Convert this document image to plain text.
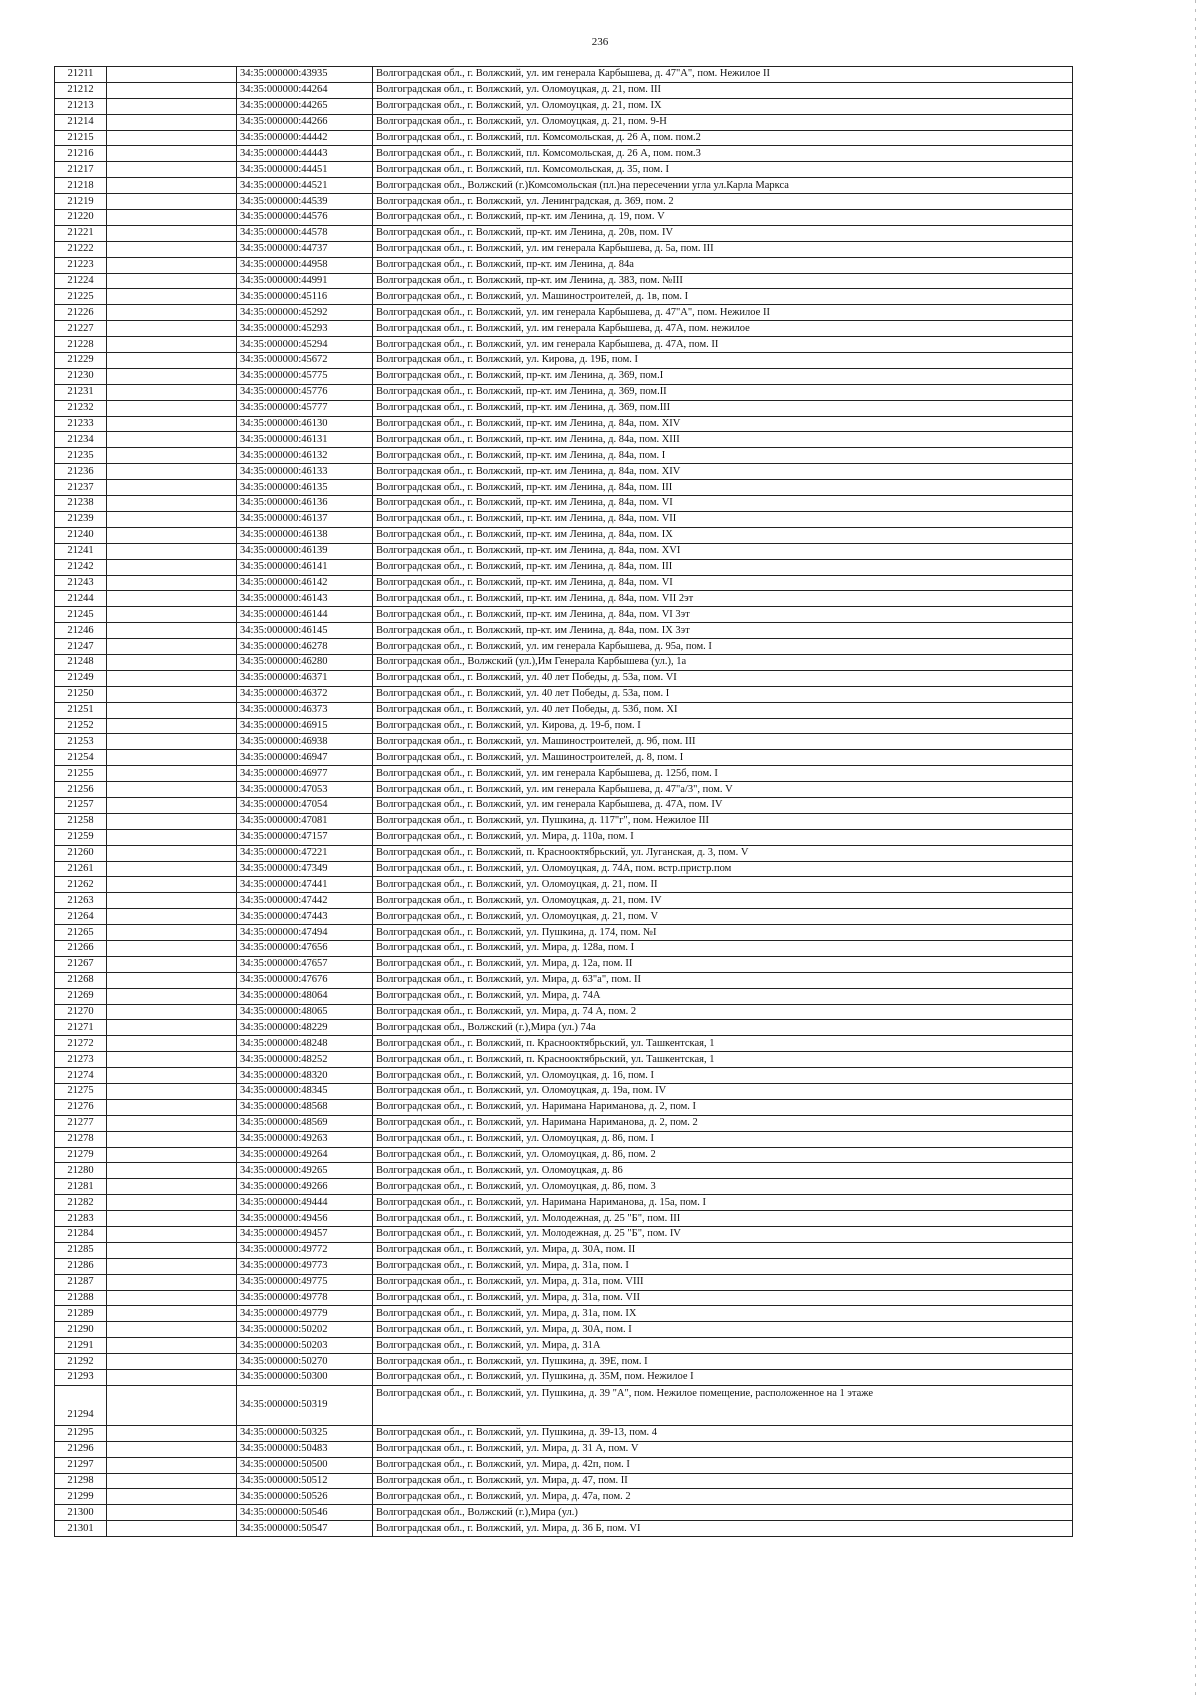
236
21211		34:35:000000:43935	Волгоградская обл., г. Волжский, ул. им генерала Карбышева, д. 47"А", пом. Нежилое II
21212		34:35:000000:44264	Волгоградская обл., г. Волжский, ул. Оломоуцкая, д. 21, пом. III
21213		34:35:000000:44265	Волгоградская обл., г. Волжский, ул. Оломоуцкая, д. 21, пом. IX
21214		34:35:000000:44266	Волгоградская обл., г. Волжский, ул. Оломоуцкая, д. 21, пом. 9-Н
21215		34:35:000000:44442	Волгоградская обл., г. Волжский, пл. Комсомольская, д. 26 А, пом. пом.2
21216		34:35:000000:44443	Волгоградская обл., г. Волжский, пл. Комсомольская, д. 26 А, пом. пом.3
21217		34:35:000000:44451	Волгоградская обл., г. Волжский, пл. Комсомольская, д. 35, пом. I
21218		34:35:000000:44521	Волгоградская обл., Волжский (г.)Комсомольская (пл.)на пересечении угла ул.Карла Маркса
21219		34:35:000000:44539	Волгоградская обл., г. Волжский, ул. Ленинградская, д. 369, пом. 2
21220		34:35:000000:44576	Волгоградская обл., г. Волжский, пр-кт. им Ленина, д. 19, пом. V
21221		34:35:000000:44578	Волгоградская обл., г. Волжский, пр-кт. им Ленина, д. 20в, пом. IV
21222		34:35:000000:44737	Волгоградская обл., г. Волжский, ул. им генерала Карбышева, д. 5а, пом. III
21223		34:35:000000:44958	Волгоградская обл., г. Волжский, пр-кт. им Ленина, д. 84а
21224		34:35:000000:44991	Волгоградская обл., г. Волжский, пр-кт. им Ленина, д. 383, пом. №III
21225		34:35:000000:45116	Волгоградская обл., г. Волжский, ул. Машиностроителей, д. 1в, пом. I
21226		34:35:000000:45292	Волгоградская обл., г. Волжский, ул. им генерала Карбышева, д. 47"А", пом. Нежилое II
21227		34:35:000000:45293	Волгоградская обл., г. Волжский, ул. им генерала Карбышева, д. 47А, пом. нежилое
21228		34:35:000000:45294	Волгоградская обл., г. Волжский, ул. им генерала Карбышева, д. 47А, пом. II
21229		34:35:000000:45672	Волгоградская обл., г. Волжский, ул. Кирова, д. 19Б, пом. I
21230		34:35:000000:45775	Волгоградская обл., г. Волжский, пр-кт. им Ленина, д. 369, пом.I
21231		34:35:000000:45776	Волгоградская обл., г. Волжский, пр-кт. им Ленина, д. 369, пом.II
21232		34:35:000000:45777	Волгоградская обл., г. Волжский, пр-кт. им Ленина, д. 369, пом.III
21233		34:35:000000:46130	Волгоградская обл., г. Волжский, пр-кт. им Ленина, д. 84а, пом. XIV
21234		34:35:000000:46131	Волгоградская обл., г. Волжский, пр-кт. им Ленина, д. 84а, пом. XIII
21235		34:35:000000:46132	Волгоградская обл., г. Волжский, пр-кт. им Ленина, д. 84а, пом. I
21236		34:35:000000:46133	Волгоградская обл., г. Волжский, пр-кт. им Ленина, д. 84а, пом. XIV
21237		34:35:000000:46135	Волгоградская обл., г. Волжский, пр-кт. им Ленина, д. 84а, пом. III
21238		34:35:000000:46136	Волгоградская обл., г. Волжский, пр-кт. им Ленина, д. 84а, пом. VI
21239		34:35:000000:46137	Волгоградская обл., г. Волжский, пр-кт. им Ленина, д. 84а, пом. VII
21240		34:35:000000:46138	Волгоградская обл., г. Волжский, пр-кт. им Ленина, д. 84а, пом. IX
21241		34:35:000000:46139	Волгоградская обл., г. Волжский, пр-кт. им Ленина, д. 84а, пом. XVI
21242		34:35:000000:46141	Волгоградская обл., г. Волжский, пр-кт. им Ленина, д. 84а, пом. III
21243		34:35:000000:46142	Волгоградская обл., г. Волжский, пр-кт. им Ленина, д. 84а, пом. VI
21244		34:35:000000:46143	Волгоградская обл., г. Волжский, пр-кт. им Ленина, д. 84а, пом. VII 2эт
21245		34:35:000000:46144	Волгоградская обл., г. Волжский, пр-кт. им Ленина, д. 84а, пом. VI 3эт
21246		34:35:000000:46145	Волгоградская обл., г. Волжский, пр-кт. им Ленина, д. 84а, пом. IX 3эт
21247		34:35:000000:46278	Волгоградская обл., г. Волжский, ул. им генерала Карбышева, д. 95а, пом. I
21248		34:35:000000:46280	Волгоградская обл., Волжский (ул.),Им Генерала Карбышева (ул.), 1а
21249		34:35:000000:46371	Волгоградская обл., г. Волжский, ул. 40 лет Победы, д. 53а, пом. VI
21250		34:35:000000:46372	Волгоградская обл., г. Волжский, ул. 40 лет Победы, д. 53а, пом. I
21251		34:35:000000:46373	Волгоградская обл., г. Волжский, ул. 40 лет Победы, д. 53б, пом. XI
21252		34:35:000000:46915	Волгоградская обл., г. Волжский, ул. Кирова, д. 19-б, пом. I
21253		34:35:000000:46938	Волгоградская обл., г. Волжский, ул. Машиностроителей, д. 9б, пом. III
21254		34:35:000000:46947	Волгоградская обл., г. Волжский, ул. Машиностроителей, д. 8, пом. I
21255		34:35:000000:46977	Волгоградская обл., г. Волжский, ул. им генерала Карбышева, д. 125б, пом. I
21256		34:35:000000:47053	Волгоградская обл., г. Волжский, ул. им генерала Карбышева, д. 47"а/3", пом. V
21257		34:35:000000:47054	Волгоградская обл., г. Волжский, ул. им генерала Карбышева, д. 47А, пом. IV
21258		34:35:000000:47081	Волгоградская обл., г. Волжский, ул. Пушкина, д. 117"г", пом. Нежилое III
21259		34:35:000000:47157	Волгоградская обл., г. Волжский, ул. Мира, д. 110а, пом. I
21260		34:35:000000:47221	Волгоградская обл., г. Волжский, п. Краснооктябрьский, ул. Луганская, д. 3, пом. V
21261		34:35:000000:47349	Волгоградская обл., г. Волжский, ул. Оломоуцкая, д. 74А, пом. встр.пристр.пом
21262		34:35:000000:47441	Волгоградская обл., г. Волжский, ул. Оломоуцкая, д. 21, пом. II
21263		34:35:000000:47442	Волгоградская обл., г. Волжский, ул. Оломоуцкая, д. 21, пом. IV
21264		34:35:000000:47443	Волгоградская обл., г. Волжский, ул. Оломоуцкая, д. 21, пом. V
21265		34:35:000000:47494	Волгоградская обл., г. Волжский, ул. Пушкина, д. 174, пом. №I
21266		34:35:000000:47656	Волгоградская обл., г. Волжский, ул. Мира, д. 128а, пом. I
21267		34:35:000000:47657	Волгоградская обл., г. Волжский, ул. Мира, д. 12а, пом. II
21268		34:35:000000:47676	Волгоградская обл., г. Волжский, ул. Мира, д. 63"а", пом. II
21269		34:35:000000:48064	Волгоградская обл., г. Волжский, ул. Мира, д. 74А
21270		34:35:000000:48065	Волгоградская обл., г. Волжский, ул. Мира, д. 74 А, пом. 2
21271		34:35:000000:48229	Волгоградская обл., Волжский (г.),Мира (ул.) 74а
21272		34:35:000000:48248	Волгоградская обл., г. Волжский, п. Краснооктябрьский, ул. Ташкентская, 1
21273		34:35:000000:48252	Волгоградская обл., г. Волжский, п. Краснооктябрьский, ул. Ташкентская, 1
21274		34:35:000000:48320	Волгоградская обл., г. Волжский, ул. Оломоуцкая, д. 16, пом. I
21275		34:35:000000:48345	Волгоградская обл., г. Волжский, ул. Оломоуцкая, д. 19а, пом. IV
21276		34:35:000000:48568	Волгоградская обл., г. Волжский, ул. Наримана Нариманова, д. 2, пом. I
21277		34:35:000000:48569	Волгоградская обл., г. Волжский, ул. Наримана Нариманова, д. 2, пом. 2
21278		34:35:000000:49263	Волгоградская обл., г. Волжский, ул. Оломоуцкая, д. 86, пом. I
21279		34:35:000000:49264	Волгоградская обл., г. Волжский, ул. Оломоуцкая, д. 86, пом. 2
21280		34:35:000000:49265	Волгоградская обл., г. Волжский, ул. Оломоуцкая, д. 86
21281		34:35:000000:49266	Волгоградская обл., г. Волжский, ул. Оломоуцкая, д. 86, пом. 3
21282		34:35:000000:49444	Волгоградская обл., г. Волжский, ул. Наримана Нариманова, д. 15а, пом. I
21283		34:35:000000:49456	Волгоградская обл., г. Волжский, ул. Молодежная, д. 25 "Б", пом. III
21284		34:35:000000:49457	Волгоградская обл., г. Волжский, ул. Молодежная, д. 25 "Б", пом. IV
21285		34:35:000000:49772	Волгоградская обл., г. Волжский, ул. Мира, д. 30А, пом. II
21286		34:35:000000:49773	Волгоградская обл., г. Волжский, ул. Мира, д. 31а, пом. I
21287		34:35:000000:49775	Волгоградская обл., г. Волжский, ул. Мира, д. 31а, пом. VIII
21288		34:35:000000:49778	Волгоградская обл., г. Волжский, ул. Мира, д. 31а, пом. VII
21289		34:35:000000:49779	Волгоградская обл., г. Волжский, ул. Мира, д. 31а, пом. IX
21290		34:35:000000:50202	Волгоградская обл., г. Волжский, ул. Мира, д. 30А, пом. I
21291		34:35:000000:50203	Волгоградская обл., г. Волжский, ул. Мира, д. 31А
21292		34:35:000000:50270	Волгоградская обл., г. Волжский, ул. Пушкина, д. 39Е, пом. I
21293		34:35:000000:50300	Волгоградская обл., г. Волжский, ул. Пушкина, д. 35М, пом. Нежилое I
21294		34:35:000000:50319	Волгоградская обл., г. Волжский, ул. Пушкина, д. 39 "А", пом. Нежилое помещение, расположенное на 1 этаже
21295		34:35:000000:50325	Волгоградская обл., г. Волжский, ул. Пушкина, д. 39-13, пом. 4
21296		34:35:000000:50483	Волгоградская обл., г. Волжский, ул. Мира, д. 31 А, пом. V
21297		34:35:000000:50500	Волгоградская обл., г. Волжский, ул. Мира, д. 42п, пом. I
21298		34:35:000000:50512	Волгоградская обл., г. Волжский, ул. Мира, д. 47, пом. II
21299		34:35:000000:50526	Волгоградская обл., г. Волжский, ул. Мира, д. 47а, пом. 2
21300		34:35:000000:50546	Волгоградская обл., Волжский (г.),Мира (ул.)
21301		34:35:000000:50547	Волгоградская обл., г. Волжский, ул. Мира, д. 36 Б, пом. VI
